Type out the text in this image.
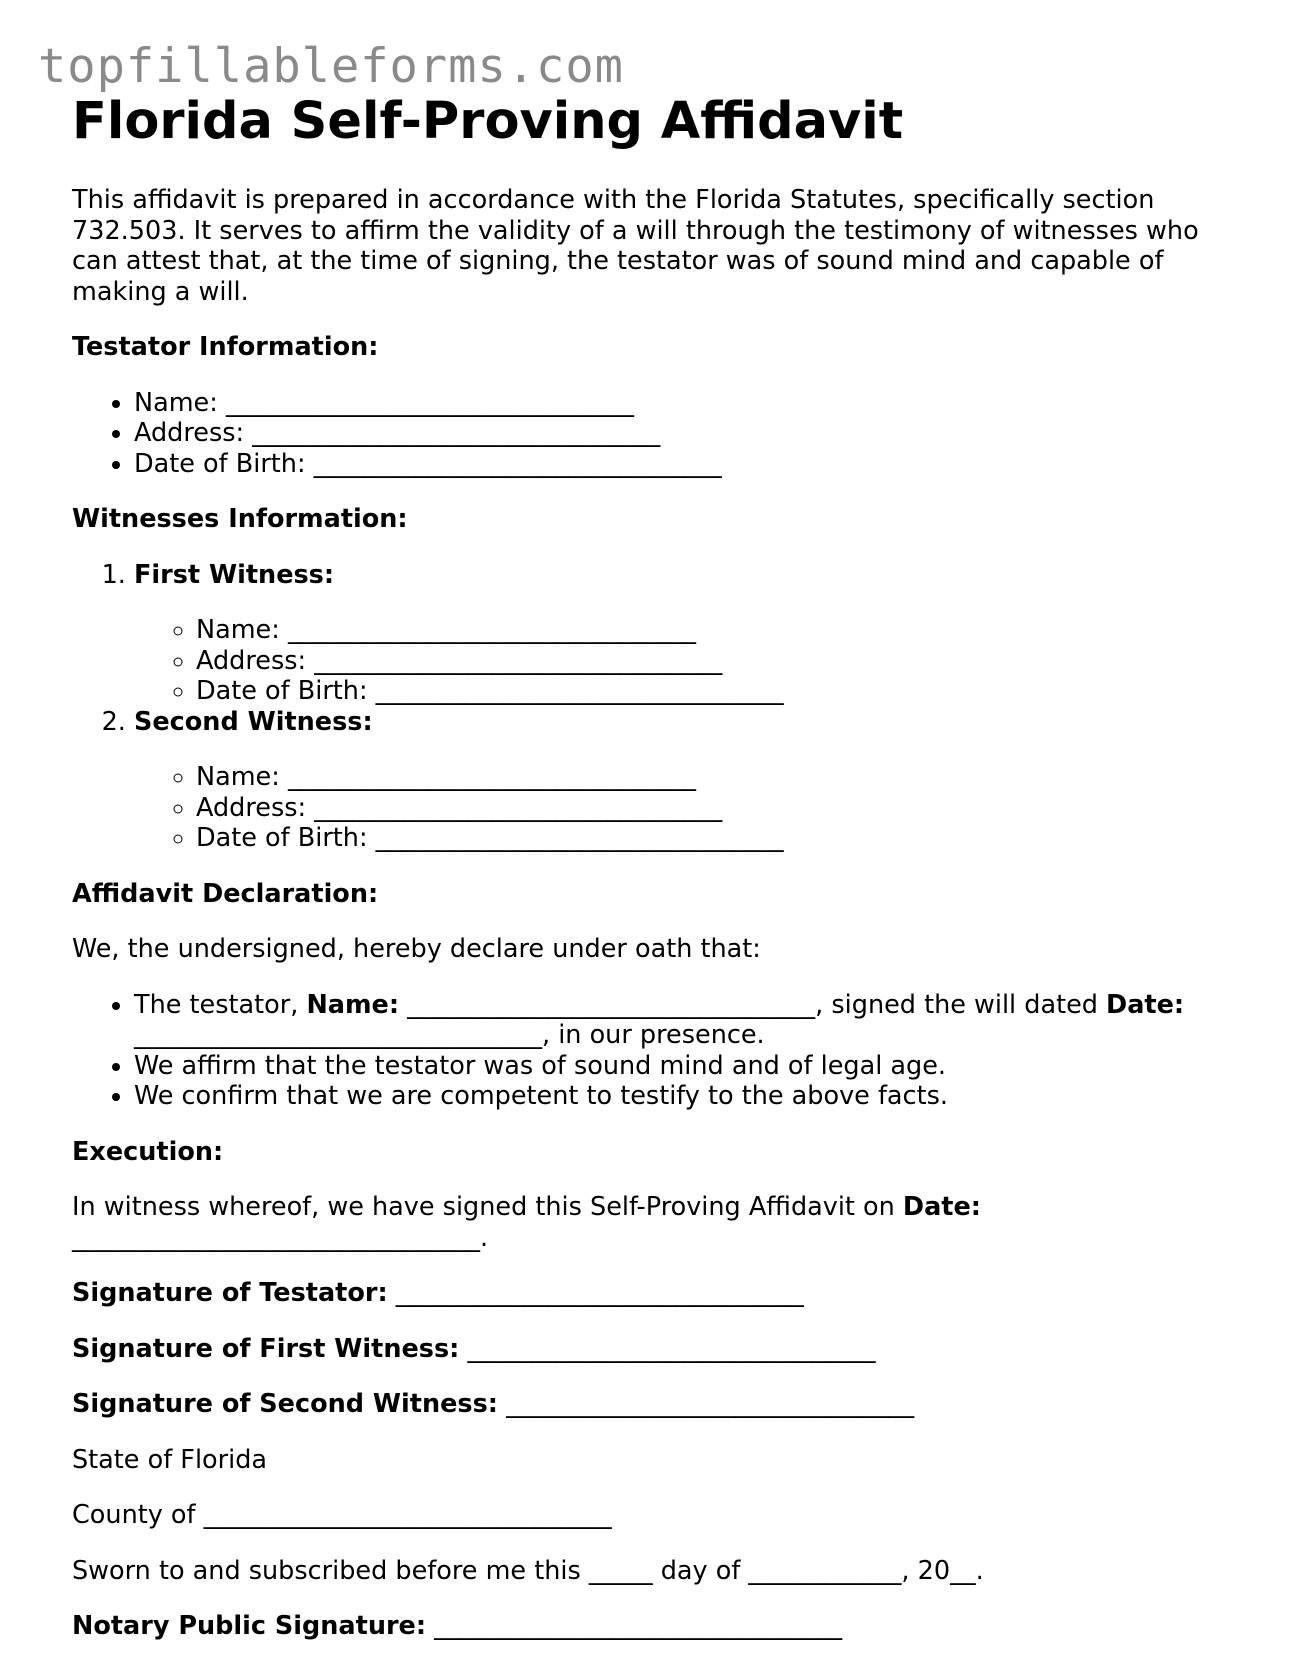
topfillableforms.com
Florida Self-Proving Affidavit

This affidavit is prepared in accordance with the Florida Statutes, specifically section 732.503. It serves to affirm the validity of a will through the testimony of witnesses who can attest that, at the time of signing, the testator was of sound mind and capable of making a will.

Testator Information:
• Name: ________________________________
• Address: ________________________________
• Date of Birth: ________________________________
Witnesses Information:
1. First Witness:
◦ Name: ________________________________
◦ Address: ________________________________
◦ Date of Birth: ________________________________
2. Second Witness:
◦ Name: ________________________________
◦ Address: ________________________________
◦ Date of Birth: ________________________________
Affidavit Declaration:

We, the undersigned, hereby declare under oath that:

• The testator, Name: ________________________________, signed the will dated Date: ________________________________, in our presence.
• We affirm that the testator was of sound mind and of legal age.
• We confirm that we are competent to testify to the above facts.
Execution:

In witness whereof, we have signed this Self-Proving Affidavit on Date: ________________________________.

Signature of Testator: ________________________________

Signature of First Witness: ________________________________

Signature of Second Witness: ________________________________

State of Florida

County of ________________________________

Sworn to and subscribed before me this _____ day of ____________, 20__.

Notary Public Signature: ________________________________
